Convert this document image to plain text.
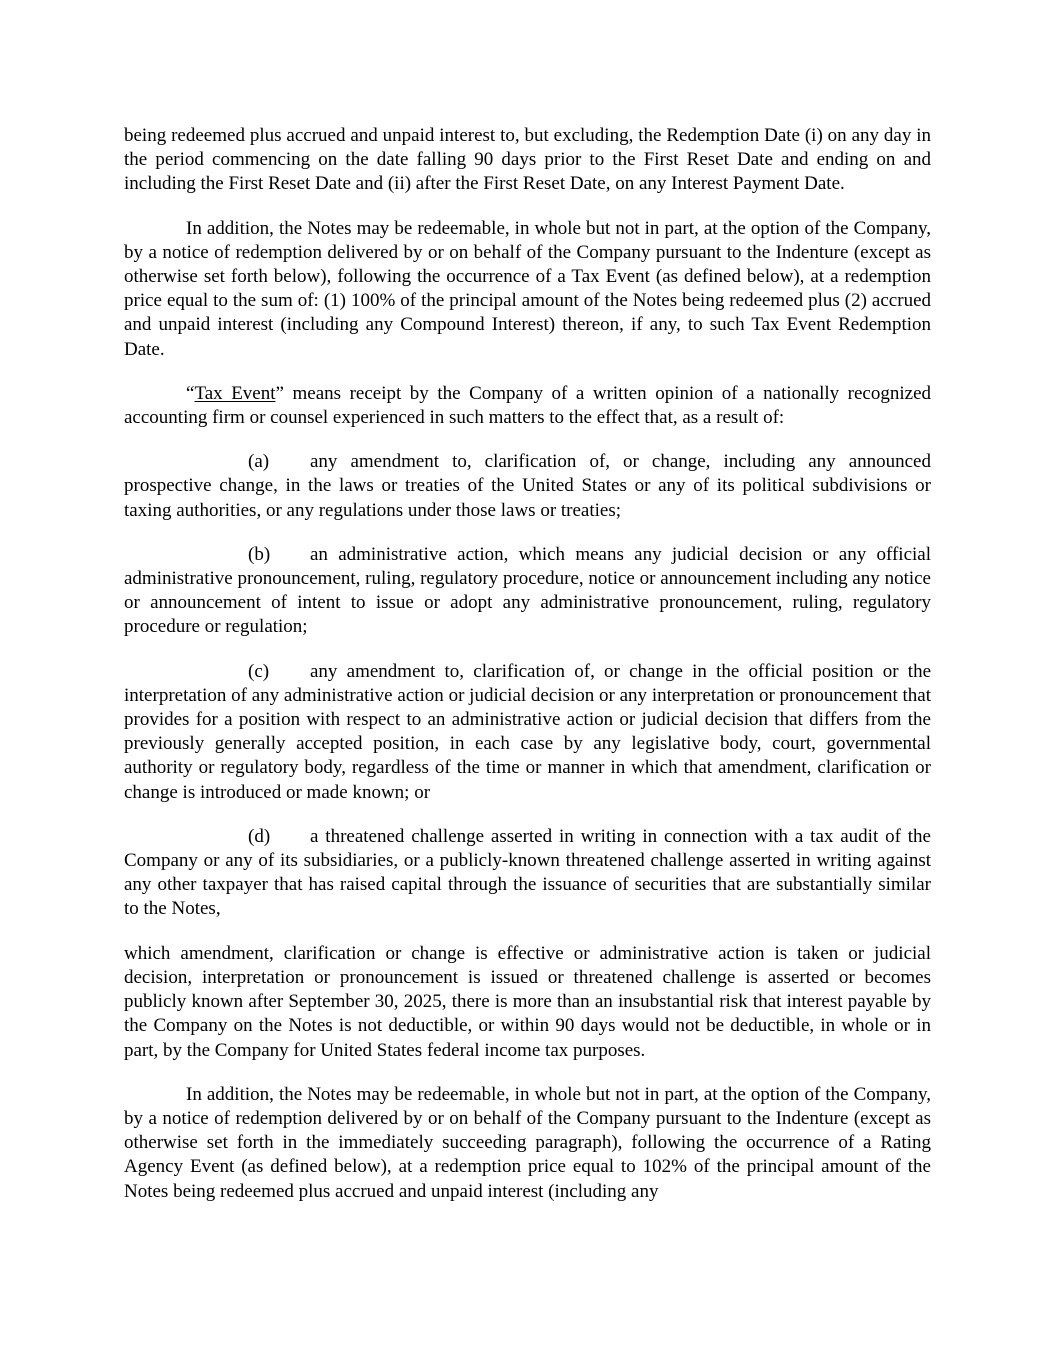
being redeemed plus accrued and unpaid interest to, but excluding, the Redemption Date (i) on any day in the period commencing on the date falling 90 days prior to the First Reset Date and ending on and including the First Reset Date and (ii) after the First Reset Date, on any Interest Payment Date.

In addition, the Notes may be redeemable, in whole but not in part, at the option of the Company, by a notice of redemption delivered by or on behalf of the Company pursuant to the Indenture (except as otherwise set forth below), following the occurrence of a Tax Event (as defined below), at a redemption price equal to the sum of: (1) 100% of the principal amount of the Notes being redeemed plus (2) accrued and unpaid interest (including any Compound Interest) thereon, if any, to such Tax Event Redemption Date.

“Tax Event” means receipt by the Company of a written opinion of a nationally recognized accounting firm or counsel experienced in such matters to the effect that, as a result of:

(a) any amendment to, clarification of, or change, including any announced prospective change, in the laws or treaties of the United States or any of its political subdivisions or taxing authorities, or any regulations under those laws or treaties;

(b) an administrative action, which means any judicial decision or any official administrative pronouncement, ruling, regulatory procedure, notice or announcement including any notice or announcement of intent to issue or adopt any administrative pronouncement, ruling, regulatory procedure or regulation;

(c) any amendment to, clarification of, or change in the official position or the interpretation of any administrative action or judicial decision or any interpretation or pronouncement that provides for a position with respect to an administrative action or judicial decision that differs from the previously generally accepted position, in each case by any legislative body, court, governmental authority or regulatory body, regardless of the time or manner in which that amendment, clarification or change is introduced or made known; or

(d) a threatened challenge asserted in writing in connection with a tax audit of the Company or any of its subsidiaries, or a publicly-known threatened challenge asserted in writing against any other taxpayer that has raised capital through the issuance of securities that are substantially similar to the Notes,

which amendment, clarification or change is effective or administrative action is taken or judicial decision, interpretation or pronouncement is issued or threatened challenge is asserted or becomes publicly known after September 30, 2025, there is more than an insubstantial risk that interest payable by the Company on the Notes is not deductible, or within 90 days would not be deductible, in whole or in part, by the Company for United States federal income tax purposes.

In addition, the Notes may be redeemable, in whole but not in part, at the option of the Company, by a notice of redemption delivered by or on behalf of the Company pursuant to the Indenture (except as otherwise set forth in the immediately succeeding paragraph), following the occurrence of a Rating Agency Event (as defined below), at a redemption price equal to 102% of the principal amount of the Notes being redeemed plus accrued and unpaid interest (including any
